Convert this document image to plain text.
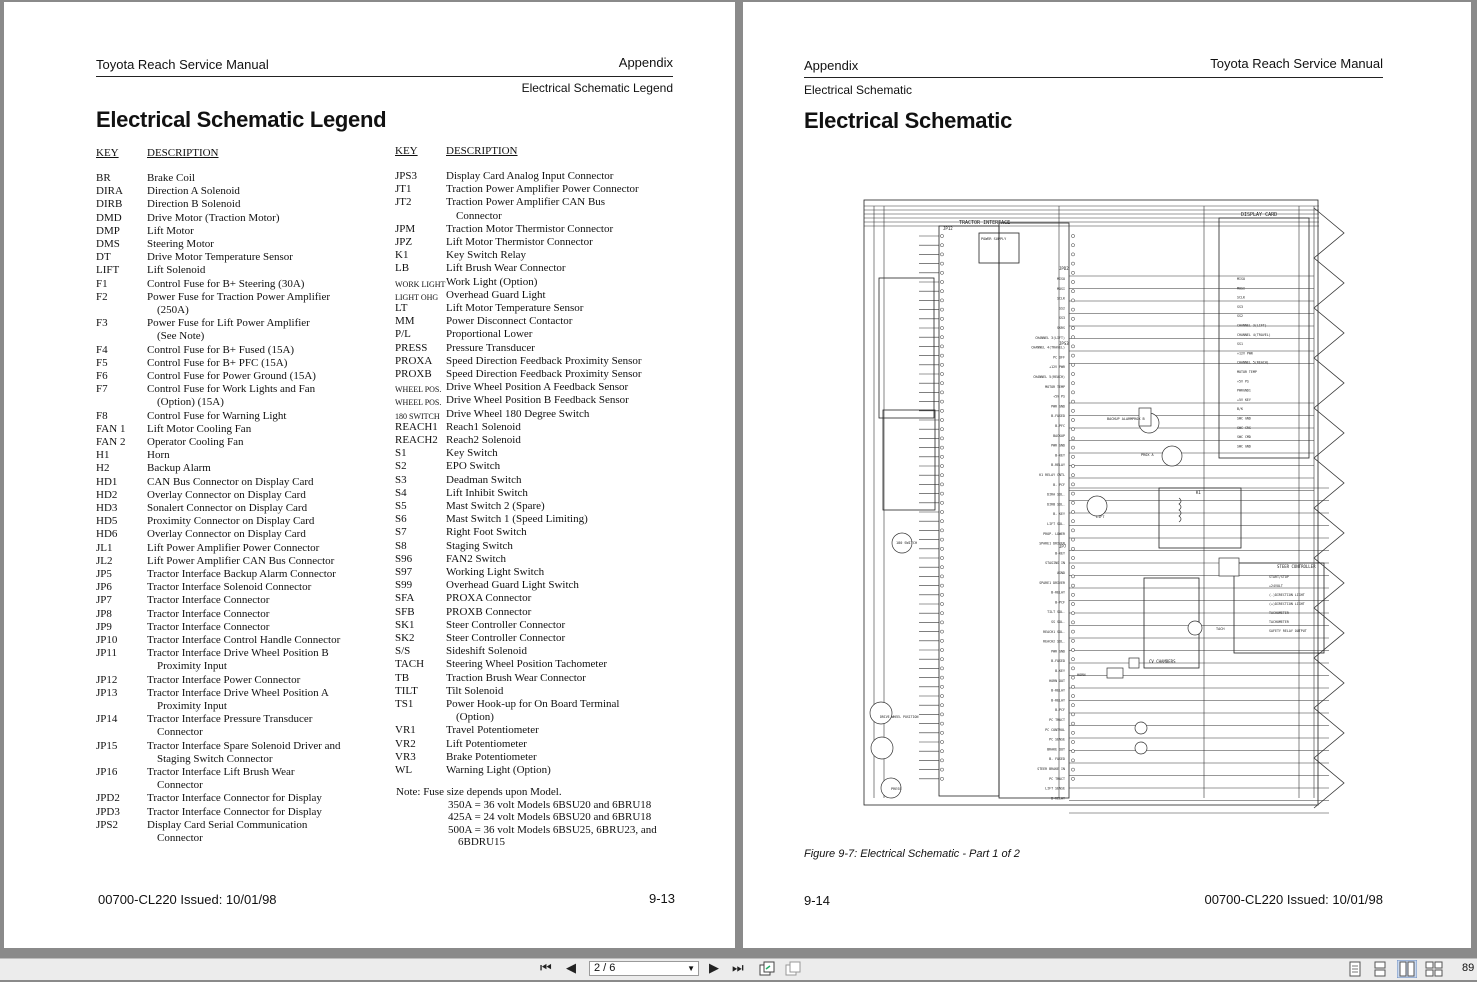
Toyota Reach Service Manual	Appendix
Electrical Schematic Legend
Electrical Schematic Legend
KEY	DESCRIPTION	KEY	DESCRIPTION
BR	Brake Coil
DIRA Direction A Solenoid
DIRB Direction B Solenoid
DMD Drive Motor (Traction Motor)
DMP Lift Motor
DMS Steering Motor
DT	Drive Motor Temperature Sensor
LIFT	Lift Solenoid
F1	Control Fuse for B+ Steering (30A)
F2	Power Fuse for Traction Power Amplifier
(250A)
F3	Power Fuse for Lift Power Amplifier
(See Note)
F4	Control Fuse for B+ Fused (15A)
F5	Control Fuse for B+ PFC (15A)
F6	Control Fuse for Power Ground (15A)
F7	Control Fuse for Work Lights and Fan
(Option) (15A)
F8	Control Fuse for Warning Light
FAN 1 Lift Motor Cooling Fan
FAN 2 Operator Cooling Fan
H1	Horn
H2	Backup Alarm
HD1	CAN Bus Connector on Display Card
HD2	Overlay Connector on Display Card
HD3	Sonalert Connector on Display Card
HD5	Proximity Connector on Display Card
HD6	Overlay Connector on Display Card
JL1	Lift Power Amplifier Power Connector
JL2	Lift Power Amplifier CAN Bus Connector
JP5	Tractor Interface Backup Alarm Connector
JP6	Tractor Interface Solenoid Connector
JP7	Tractor Interface Connector
JP8	Tractor Interface Connector
JP9	Tractor Interface Connector
JP10	Tractor Interface Control Handle Connector
JP11	Tractor Interface Drive Wheel Position B
Proximity Input
JP12	Tractor Interface Power Connector
JP13	Tractor Interface Drive Wheel Position A
Proximity Input
JP14	Tractor Interface Pressure Transducer
Connector
JP15	Tractor Interface Spare Solenoid Driver and
Staging Switch Connector
JP16	Tractor Interface Lift Brush Wear
Connector
JPD2 Tractor Interface Connector for Display
JPD3 Tractor Interface Connector for Display
JPS2	Display Card Serial Communication
Connector
JPS3	Display Card Analog Input Connector
JT1	Traction Power Amplifier Power Connector
JT2	Traction Power Amplifier CAN Bus
Connector
JPM	Traction Motor Thermistor Connector
JPZ	Lift Motor Thermistor Connector
K1	Key Switch Relay
LB	Lift Brush Wear Connector
WORK LIGHT Work Light (Option)
LIGHT OHG Overhead Guard Light
LT	Lift Motor Temperature Sensor
MM	Power Disconnect Contactor
P/L	Proportional Lower
PRESS Pressure Transducer
PROXA Speed Direction Feedback Proximity Sensor
PROXB Speed Direction Feedback Proximity Sensor
WHEEL POS. Drive Wheel Position A Feedback Sensor
WHEEL POS. Drive Wheel Position B Feedback Sensor
180 SWITCH Drive Wheel 180 Degree Switch
REACH1 Reach1 Solenoid
REACH2 Reach2 Solenoid
S1	Key Switch
S2	EPO Switch
S3	Deadman Switch
S4	Lift Inhibit Switch
S5	Mast Switch 2 (Spare)
S6	Mast Switch 1 (Speed Limiting)
S7	Right Foot Switch
S8	Staging Switch
S96	FAN2 Switch
S97	Working Light Switch
S99	Overhead Guard Light Switch
SFA	PROXA Connector
SFB	PROXB Connector
SK1	Steer Controller Connector
SK2	Steer Controller Connector
S/S	Sideshift Solenoid
TACH Steering Wheel Position Tachometer
TB	Traction Brush Wear Connector
TILT	Tilt Solenoid
TS1	Power Hook-up for On Board Terminal
(Option)
VR1	Travel Potentiometer
VR2	Lift Potentiometer
VR3	Brake Potentiometer
WL	Warning Light (Option)
Note: Fuse size depends upon Model.
350A = 36 volt Models 6BSU20 and 6BRU18
425A = 24 volt Models 6BSU20 and 6BRU18
500A = 36 volt Models 6BSU25, 6BRU23, and
6BDRU15
00700-CL220 Issued: 10/01/98	9-13
Appendix	Toyota Reach Service Manual
Electrical Schematic
Electrical Schematic
TRACTOR INTERFACE
DISPLAY CARD
POWER SUPPLY
STEER CONTROLLER
CV CHAMBERS
BACKUP ALARM
HORN
TACH
LIFT
PROX B
PROX A
180 SWITCH
DRIVE WHEEL POSITION
PRESS
JPD2
JPS3
JP7
JP12
K1
MISO
MOSI
SCLK
SS2
SS3
SKRS
CHANNEL 3(LIFT)
CHANNEL 4(TRAVEL)
PC OFF
+12V PWR
CHANNEL 5(REACH)
MOTOR TEMP
+5V PS
PWR GND
B-FUSED
B-PFC
BACKUP
PWR GND
B-KEY
B-RELAY
K1 RELAY CNTL
B- PCF
DIRA SOL.
DIRB SOL.
B- KEY
LIFT SOL.
PROP. LOWER
SPARE1 DRIVER
B-KEY
STAGING IN
AGND
SPARE1 DRIVER
B-RELAY
B-PCF
TILT SOL.
SS SOL.
REACH1 SOL.
REACH2 SOL.
PWR GND
B-FUSED
B-KEY
HORN OUT
B-RELAY
B-RELAY
B-PCF
PC TRACT
PC CONTROL
PC SENSE
BRAKE OUT
B- FUSED
STEER BRAKE IN
PC TRACT
LIFT SENSE
B-RELAY
MISO
MOSI
SCLK
SS3
SS2
CHANNEL 3(LIFT)
CHANNEL 4(TRAVEL)
SS1
+12V PWR
CHANNEL 5(REACH)
MOTOR TEMP
+5V PS
PWRGND1
+5V KEY
B/K
SWC GND
SWC CRS
SWC CMD
SWC GND
START/STOP
+24VOLT
(-)DIRECTION LIGHT
(+)DIRECTION LIGHT
TACHOMETER
TACHOMETER
SAFETY RELAY OUTPUT
Figure 9-7: Electrical Schematic - Part 1 of 2
9-14	00700-CL220 Issued: 10/01/98
⏮ ◀	2 / 6	▼ ▶ ⏭	89
